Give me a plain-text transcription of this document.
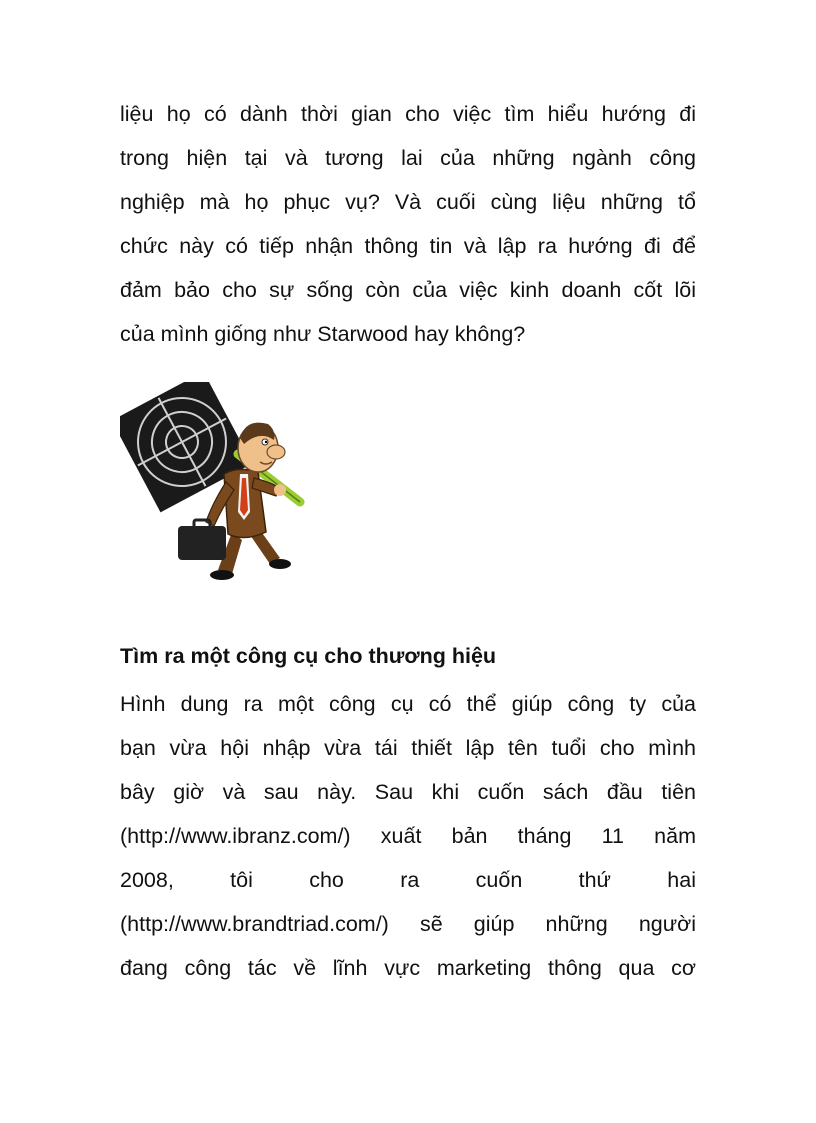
liệu họ có dành thời gian cho việc tìm hiểu hướng đi
trong hiện tại và tương lai của những ngành công
nghiệp mà họ phục vụ? Và cuối cùng liệu những tổ
chức này có tiếp nhận thông tin và lập ra hướng đi để
đảm bảo cho sự sống còn của việc kinh doanh cốt lõi
của mình giống như Starwood hay không?

Tìm ra một công cụ cho thương hiệu

Hình dung ra một công cụ có thể giúp công ty của
bạn vừa hội nhập vừa tái thiết lập tên tuổi cho mình
bây giờ và sau này. Sau khi cuốn sách đầu tiên
(http://www.ibranz.com/) xuất bản tháng 11 năm
2008, tôi cho ra cuốn thứ hai
(http://www.brandtriad.com/) sẽ giúp những người
đang công tác về lĩnh vực marketing thông qua cơ
